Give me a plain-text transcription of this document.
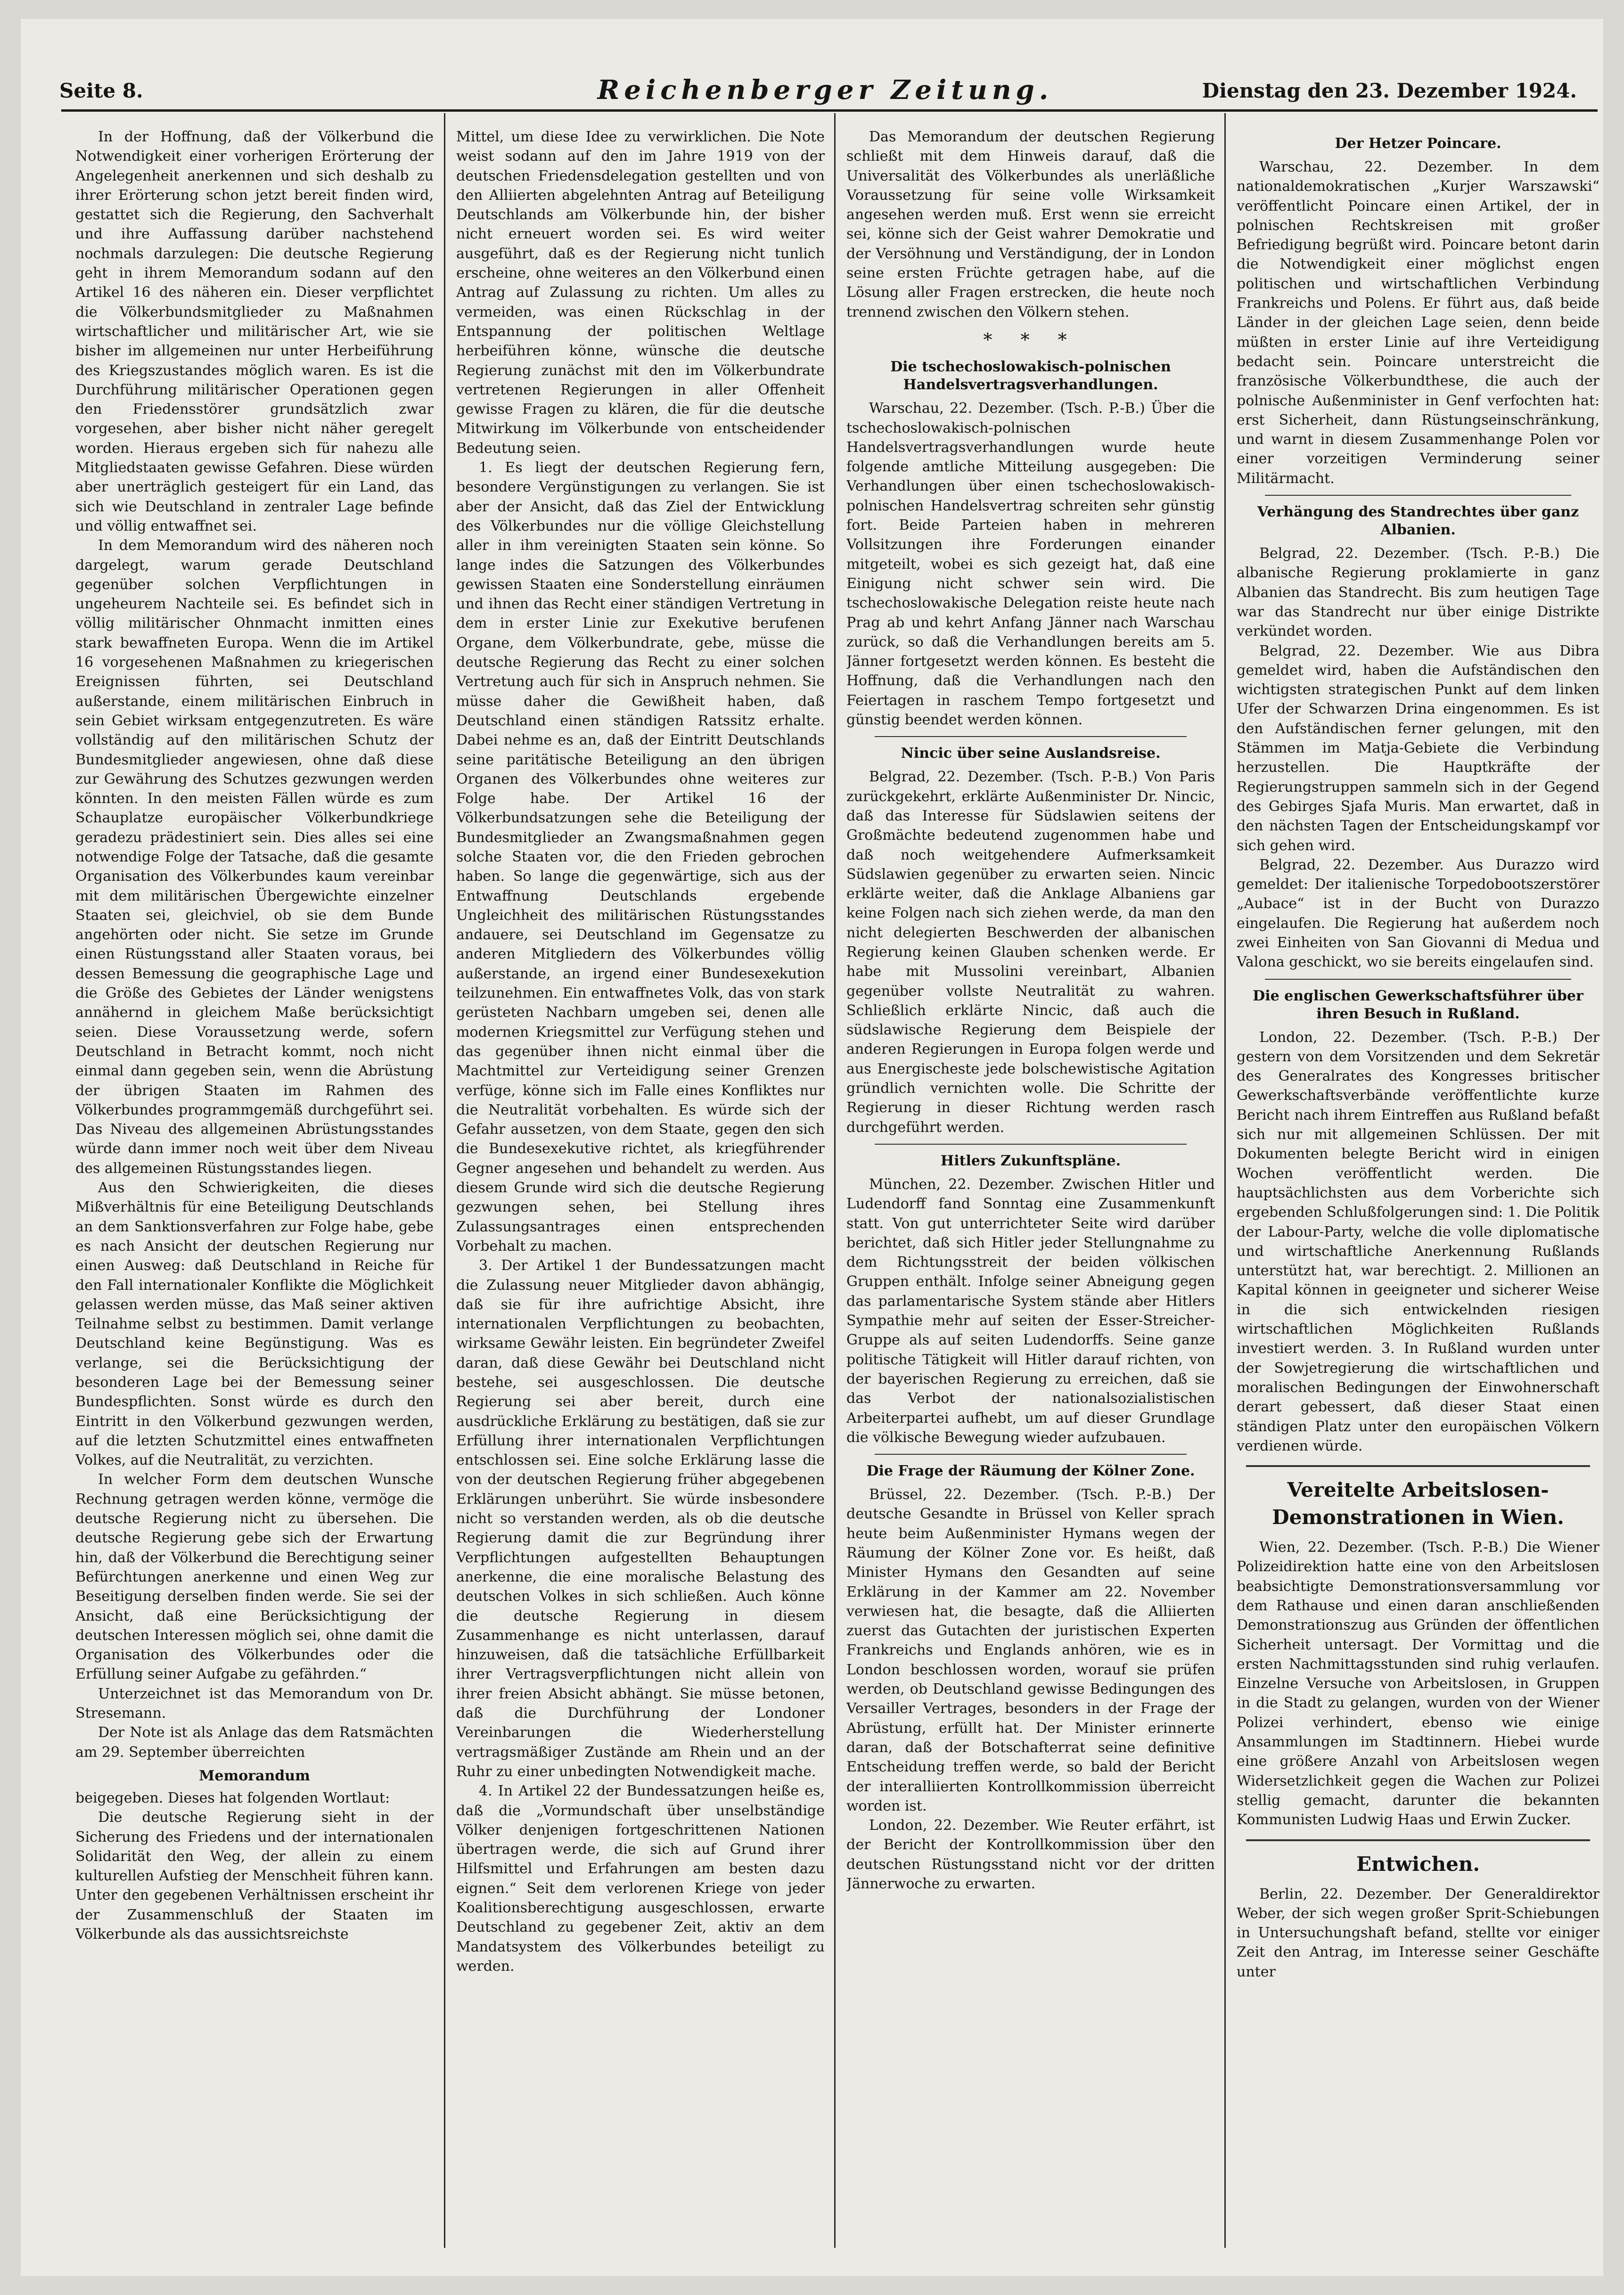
Seite 8.	Reichenberger Zeitung.	Dienstag den 23. Dezember 1924.

In der Hoffnung, daß der Völkerbund die Notwendigkeit einer vorherigen Erörterung der Angelegenheit anerkennen und sich deshalb zu ihrer Erörterung schon jetzt bereit finden wird, gestattet sich die Regierung, den Sachverhalt und ihre Auffassung darüber nachstehend nochmals darzulegen: Die deutsche Regierung geht in ihrem Memorandum sodann auf den Artikel 16 des näheren ein. Dieser verpflichtet die Völkerbundsmitglieder zu Maßnahmen wirtschaftlicher und militärischer Art, wie sie bisher im allgemeinen nur unter Herbeiführung des Kriegszustandes möglich waren. Es ist die Durchführung militärischer Operationen gegen den Friedensstörer grundsätzlich zwar vorgesehen, aber bisher nicht näher geregelt worden. Hieraus ergeben sich für nahezu alle Mitgliedstaaten gewisse Gefahren. Diese würden aber unerträglich gesteigert für ein Land, das sich wie Deutschland in zentraler Lage befinde und völlig entwaffnet sei.

In dem Memorandum wird des näheren noch dargelegt, warum gerade Deutschland gegenüber solchen Verpflichtungen in ungeheurem Nachteile sei. Es befindet sich in völlig militärischer Ohnmacht inmitten eines stark bewaffneten Europa. Wenn die im Artikel 16 vorgesehenen Maßnahmen zu kriegerischen Ereignissen führten, sei Deutschland außerstande, einem militärischen Einbruch in sein Gebiet wirksam entgegenzutreten. Es wäre vollständig auf den militärischen Schutz der Bundesmitglieder angewiesen, ohne daß diese zur Gewährung des Schutzes gezwungen werden könnten. In den meisten Fällen würde es zum Schauplatze europäischer Völkerbundkriege geradezu prädestiniert sein. Dies alles sei eine notwendige Folge der Tatsache, daß die gesamte Organisation des Völkerbundes kaum vereinbar mit dem militärischen Übergewichte einzelner Staaten sei, gleichviel, ob sie dem Bunde angehörten oder nicht. Sie setze im Grunde einen Rüstungsstand aller Staaten voraus, bei dessen Bemessung die geographische Lage und die Größe des Gebietes der Länder wenigstens annähernd in gleichem Maße berücksichtigt seien. Diese Voraussetzung werde, sofern Deutschland in Betracht kommt, noch nicht einmal dann gegeben sein, wenn die Abrüstung der übrigen Staaten im Rahmen des Völkerbundes programmgemäß durchgeführt sei. Das Niveau des allgemeinen Abrüstungsstandes würde dann immer noch weit über dem Niveau des allgemeinen Rüstungsstandes liegen.

Aus den Schwierigkeiten, die dieses Mißverhältnis für eine Beteiligung Deutschlands an dem Sanktionsverfahren zur Folge habe, gebe es nach Ansicht der deutschen Regierung nur einen Ausweg: daß Deutschland in Reiche für den Fall internationaler Konflikte die Möglichkeit gelassen werden müsse, das Maß seiner aktiven Teilnahme selbst zu bestimmen. Damit verlange Deutschland keine Begünstigung. Was es verlange, sei die Berücksichtigung der besonderen Lage bei der Bemessung seiner Bundespflichten. Sonst würde es durch den Eintritt in den Völkerbund gezwungen werden, auf die letzten Schutzmittel eines entwaffneten Volkes, auf die Neutralität, zu verzichten.

In welcher Form dem deutschen Wunsche Rechnung getragen werden könne, vermöge die deutsche Regierung nicht zu übersehen. Die deutsche Regierung gebe sich der Erwartung hin, daß der Völkerbund die Berechtigung seiner Befürchtungen anerkenne und einen Weg zur Beseitigung derselben finden werde. Sie sei der Ansicht, daß eine Berücksichtigung der deutschen Interessen möglich sei, ohne damit die Organisation des Völkerbundes oder die Erfüllung seiner Aufgabe zu gefährden.“

Unterzeichnet ist das Memorandum von Dr. Stresemann.

Der Note ist als Anlage das dem Ratsmächten am 29. September überreichten

Memorandum

beigegeben. Dieses hat folgenden Wortlaut:

Die deutsche Regierung sieht in der Sicherung des Friedens und der internationalen Solidarität den Weg, der allein zu einem kulturellen Aufstieg der Menschheit führen kann. Unter den gegebenen Verhältnissen erscheint ihr der Zusammenschluß der Staaten im Völkerbunde als das aussichtsreichste

Mittel, um diese Idee zu verwirklichen. Die Note weist sodann auf den im Jahre 1919 von der deutschen Friedensdelegation gestellten und von den Alliierten abgelehnten Antrag auf Beteiligung Deutschlands am Völkerbunde hin, der bisher nicht erneuert worden sei. Es wird weiter ausgeführt, daß es der Regierung nicht tunlich erscheine, ohne weiteres an den Völkerbund einen Antrag auf Zulassung zu richten. Um alles zu vermeiden, was einen Rückschlag in der Entspannung der politischen Weltlage herbeiführen könne, wünsche die deutsche Regierung zunächst mit den im Völkerbundrate vertretenen Regierungen in aller Offenheit gewisse Fragen zu klären, die für die deutsche Mitwirkung im Völkerbunde von entscheidender Bedeutung seien.

1. Es liegt der deutschen Regierung fern, besondere Vergünstigungen zu verlangen. Sie ist aber der Ansicht, daß das Ziel der Entwicklung des Völkerbundes nur die völlige Gleichstellung aller in ihm vereinigten Staaten sein könne. So lange indes die Satzungen des Völkerbundes gewissen Staaten eine Sonderstellung einräumen und ihnen das Recht einer ständigen Vertretung in dem in erster Linie zur Exekutive berufenen Organe, dem Völkerbundrate, gebe, müsse die deutsche Regierung das Recht zu einer solchen Vertretung auch für sich in Anspruch nehmen. Sie müsse daher die Gewißheit haben, daß Deutschland einen ständigen Ratssitz erhalte. Dabei nehme es an, daß der Eintritt Deutschlands seine paritätische Beteiligung an den übrigen Organen des Völkerbundes ohne weiteres zur Folge habe. Der Artikel 16 der Völkerbundsatzungen sehe die Beteiligung der Bundesmitglieder an Zwangsmaßnahmen gegen solche Staaten vor, die den Frieden gebrochen haben. So lange die gegenwärtige, sich aus der Entwaffnung Deutschlands ergebende Ungleichheit des militärischen Rüstungsstandes andauere, sei Deutschland im Gegensatze zu anderen Mitgliedern des Völkerbundes völlig außerstande, an irgend einer Bundesexekution teilzunehmen. Ein entwaffnetes Volk, das von stark gerüsteten Nachbarn umgeben sei, denen alle modernen Kriegsmittel zur Verfügung stehen und das gegenüber ihnen nicht einmal über die Machtmittel zur Verteidigung seiner Grenzen verfüge, könne sich im Falle eines Konfliktes nur die Neutralität vorbehalten. Es würde sich der Gefahr aussetzen, von dem Staate, gegen den sich die Bundesexekutive richtet, als kriegführender Gegner angesehen und behandelt zu werden. Aus diesem Grunde wird sich die deutsche Regierung gezwungen sehen, bei Stellung ihres Zulassungsantrages einen entsprechenden Vorbehalt zu machen.

3. Der Artikel 1 der Bundessatzungen macht die Zulassung neuer Mitglieder davon abhängig, daß sie für ihre aufrichtige Absicht, ihre internationalen Verpflichtungen zu beobachten, wirksame Gewähr leisten. Ein begründeter Zweifel daran, daß diese Gewähr bei Deutschland nicht bestehe, sei ausgeschlossen. Die deutsche Regierung sei aber bereit, durch eine ausdrückliche Erklärung zu bestätigen, daß sie zur Erfüllung ihrer internationalen Verpflichtungen entschlossen sei. Eine solche Erklärung lasse die von der deutschen Regierung früher abgegebenen Erklärungen unberührt. Sie würde insbesondere nicht so verstanden werden, als ob die deutsche Regierung damit die zur Begründung ihrer Verpflichtungen aufgestellten Behauptungen anerkenne, die eine moralische Belastung des deutschen Volkes in sich schließen. Auch könne die deutsche Regierung in diesem Zusammenhange es nicht unterlassen, darauf hinzuweisen, daß die tatsächliche Erfüllbarkeit ihrer Vertragsverpflichtungen nicht allein von ihrer freien Absicht abhängt. Sie müsse betonen, daß die Durchführung der Londoner Vereinbarungen die Wiederherstellung vertragsmäßiger Zustände am Rhein und an der Ruhr zu einer unbedingten Notwendigkeit mache.

4. In Artikel 22 der Bundessatzungen heiße es, daß die „Vormundschaft über unselbständige Völker denjenigen fortgeschrittenen Nationen übertragen werde, die sich auf Grund ihrer Hilfsmittel und Erfahrungen am besten dazu eignen.“ Seit dem verlorenen Kriege von jeder Koalitionsberechtigung ausgeschlossen, erwarte Deutschland zu gegebener Zeit, aktiv an dem Mandatsystem des Völkerbundes beteiligt zu werden.

Das Memorandum der deutschen Regierung schließt mit dem Hinweis darauf, daß die Universalität des Völkerbundes als unerläßliche Voraussetzung für seine volle Wirksamkeit angesehen werden muß. Erst wenn sie erreicht sei, könne sich der Geist wahrer Demokratie und der Versöhnung und Verständigung, der in London seine ersten Früchte getragen habe, auf die Lösung aller Fragen erstrecken, die heute noch trennend zwischen den Völkern stehen.

* * *
Die tschechoslowakisch-polnischen Handelsvertragsverhandlungen.

Warschau, 22. Dezember. (Tsch. P.-B.) Über die tschechoslowakisch-polnischen Handelsvertragsverhandlungen wurde heute folgende amtliche Mitteilung ausgegeben: Die Verhandlungen über einen tschechoslowakisch-polnischen Handelsvertrag schreiten sehr günstig fort. Beide Parteien haben in mehreren Vollsitzungen ihre Forderungen einander mitgeteilt, wobei es sich gezeigt hat, daß eine Einigung nicht schwer sein wird. Die tschechoslowakische Delegation reiste heute nach Prag ab und kehrt Anfang Jänner nach Warschau zurück, so daß die Verhandlungen bereits am 5. Jänner fortgesetzt werden können. Es besteht die Hoffnung, daß die Verhandlungen nach den Feiertagen in raschem Tempo fortgesetzt und günstig beendet werden können.

Nincic über seine Auslandsreise.

Belgrad, 22. Dezember. (Tsch. P.-B.) Von Paris zurückgekehrt, erklärte Außenminister Dr. Nincic, daß das Interesse für Südslawien seitens der Großmächte bedeutend zugenommen habe und daß noch weitgehendere Aufmerksamkeit Südslawien gegenüber zu erwarten seien. Nincic erklärte weiter, daß die Anklage Albaniens gar keine Folgen nach sich ziehen werde, da man den nicht delegierten Beschwerden der albanischen Regierung keinen Glauben schenken werde. Er habe mit Mussolini vereinbart, Albanien gegenüber vollste Neutralität zu wahren. Schließlich erklärte Nincic, daß auch die südslawische Regierung dem Beispiele der anderen Regierungen in Europa folgen werde und aus Energischeste jede bolschewistische Agitation gründlich vernichten wolle. Die Schritte der Regierung in dieser Richtung werden rasch durchgeführt werden.

Hitlers Zukunftspläne.

München, 22. Dezember. Zwischen Hitler und Ludendorff fand Sonntag eine Zusammenkunft statt. Von gut unterrichteter Seite wird darüber berichtet, daß sich Hitler jeder Stellungnahme zu dem Richtungsstreit der beiden völkischen Gruppen enthält. Infolge seiner Abneigung gegen das parlamentarische System stände aber Hitlers Sympathie mehr auf seiten der Esser-Streicher-Gruppe als auf seiten Ludendorffs. Seine ganze politische Tätigkeit will Hitler darauf richten, von der bayerischen Regierung zu erreichen, daß sie das Verbot der nationalsozialistischen Arbeiterpartei aufhebt, um auf dieser Grundlage die völkische Bewegung wieder aufzubauen.

Die Frage der Räumung der Kölner Zone.

Brüssel, 22. Dezember. (Tsch. P.-B.) Der deutsche Gesandte in Brüssel von Keller sprach heute beim Außenminister Hymans wegen der Räumung der Kölner Zone vor. Es heißt, daß Minister Hymans den Gesandten auf seine Erklärung in der Kammer am 22. November verwiesen hat, die besagte, daß die Alliierten zuerst das Gutachten der juristischen Experten Frankreichs und Englands anhören, wie es in London beschlossen worden, worauf sie prüfen werden, ob Deutschland gewisse Bedingungen des Versailler Vertrages, besonders in der Frage der Abrüstung, erfüllt hat. Der Minister erinnerte daran, daß der Botschafterrat seine definitive Entscheidung treffen werde, so bald der Bericht der interalliierten Kontrollkommission überreicht worden ist.

London, 22. Dezember. Wie Reuter erfährt, ist der Bericht der Kontrollkommission über den deutschen Rüstungsstand nicht vor der dritten Jännerwoche zu erwarten.

Der Hetzer Poincare.

Warschau, 22. Dezember. In dem nationaldemokratischen „Kurjer Warszawski“ veröffentlicht Poincare einen Artikel, der in polnischen Rechtskreisen mit großer Befriedigung begrüßt wird. Poincare betont darin die Notwendigkeit einer möglichst engen politischen und wirtschaftlichen Verbindung Frankreichs und Polens. Er führt aus, daß beide Länder in der gleichen Lage seien, denn beide müßten in erster Linie auf ihre Verteidigung bedacht sein. Poincare unterstreicht die französische Völkerbundthese, die auch der polnische Außenminister in Genf verfochten hat: erst Sicherheit, dann Rüstungseinschränkung, und warnt in diesem Zusammenhange Polen vor einer vorzeitigen Verminderung seiner Militärmacht.

Verhängung des Standrechtes über ganz Albanien.

Belgrad, 22. Dezember. (Tsch. P.-B.) Die albanische Regierung proklamierte in ganz Albanien das Standrecht. Bis zum heutigen Tage war das Standrecht nur über einige Distrikte verkündet worden.

Belgrad, 22. Dezember. Wie aus Dibra gemeldet wird, haben die Aufständischen den wichtigsten strategischen Punkt auf dem linken Ufer der Schwarzen Drina eingenommen. Es ist den Aufständischen ferner gelungen, mit den Stämmen im Matja-Gebiete die Verbindung herzustellen. Die Hauptkräfte der Regierungstruppen sammeln sich in der Gegend des Gebirges Sjafa Muris. Man erwartet, daß in den nächsten Tagen der Entscheidungskampf vor sich gehen wird.

Belgrad, 22. Dezember. Aus Durazzo wird gemeldet: Der italienische Torpedobootszerstörer „Aubace“ ist in der Bucht von Durazzo eingelaufen. Die Regierung hat außerdem noch zwei Einheiten von San Giovanni di Medua und Valona geschickt, wo sie bereits eingelaufen sind.

Die englischen Gewerkschaftsführer über ihren Besuch in Rußland.

London, 22. Dezember. (Tsch. P.-B.) Der gestern von dem Vorsitzenden und dem Sekretär des Generalrates des Kongresses britischer Gewerkschaftsverbände veröffentlichte kurze Bericht nach ihrem Eintreffen aus Rußland befaßt sich nur mit allgemeinen Schlüssen. Der mit Dokumenten belegte Bericht wird in einigen Wochen veröffentlicht werden. Die hauptsächlichsten aus dem Vorberichte sich ergebenden Schlußfolgerungen sind: 1. Die Politik der Labour-Party, welche die volle diplomatische und wirtschaftliche Anerkennung Rußlands unterstützt hat, war berechtigt. 2. Millionen an Kapital können in geeigneter und sicherer Weise in die sich entwickelnden riesigen wirtschaftlichen Möglichkeiten Rußlands investiert werden. 3. In Rußland wurden unter der Sowjetregierung die wirtschaftlichen und moralischen Bedingungen der Einwohnerschaft derart gebessert, daß dieser Staat einen ständigen Platz unter den europäischen Völkern verdienen würde.

Vereitelte Arbeitslosen-Demonstrationen in Wien.

Wien, 22. Dezember. (Tsch. P.-B.) Die Wiener Polizeidirektion hatte eine von den Arbeitslosen beabsichtigte Demonstrationsversammlung vor dem Rathause und einen daran anschließenden Demonstrationszug aus Gründen der öffentlichen Sicherheit untersagt. Der Vormittag und die ersten Nachmittagsstunden sind ruhig verlaufen. Einzelne Versuche von Arbeitslosen, in Gruppen in die Stadt zu gelangen, wurden von der Wiener Polizei verhindert, ebenso wie einige Ansammlungen im Stadtinnern. Hiebei wurde eine größere Anzahl von Arbeitslosen wegen Widersetzlichkeit gegen die Wachen zur Polizei stellig gemacht, darunter die bekannten Kommunisten Ludwig Haas und Erwin Zucker.

Entwichen.

Berlin, 22. Dezember. Der Generaldirektor Weber, der sich wegen großer Sprit-Schiebungen in Untersuchungshaft befand, stellte vor einiger Zeit den Antrag, im Interesse seiner Geschäfte unter
